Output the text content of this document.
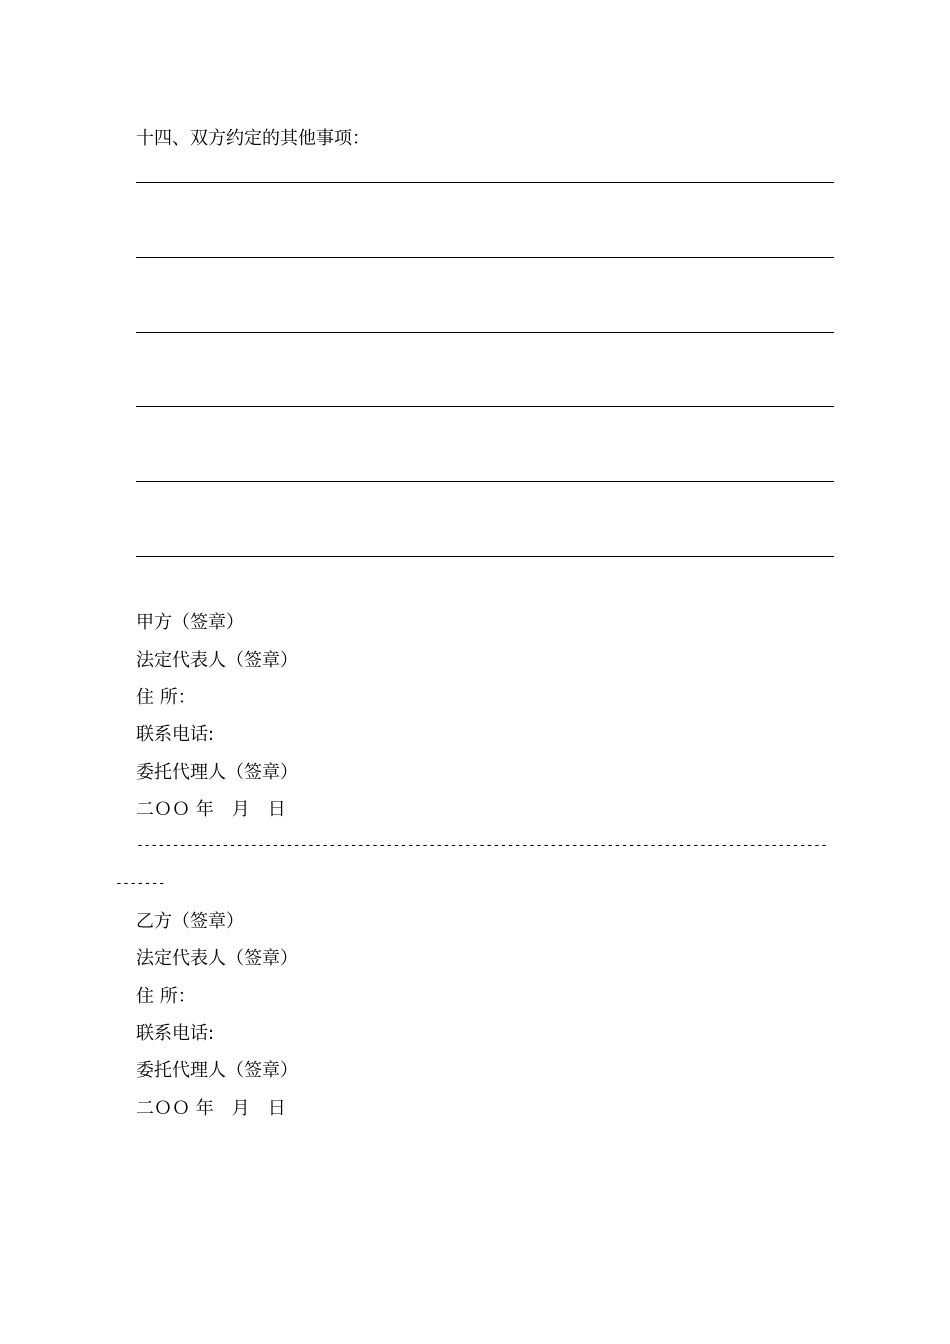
十四、双方约定的其他事项：
甲方（签章）
法定代表人（签章）
住 所：
联系电话:
委托代理人（签章）
二ＯＯ 年　月　日
-------------------------------------------------------------------------------------------------
-------
乙方（签章）
法定代表人（签章）
住 所：
联系电话:
委托代理人（签章）
二ＯＯ 年　月　日
